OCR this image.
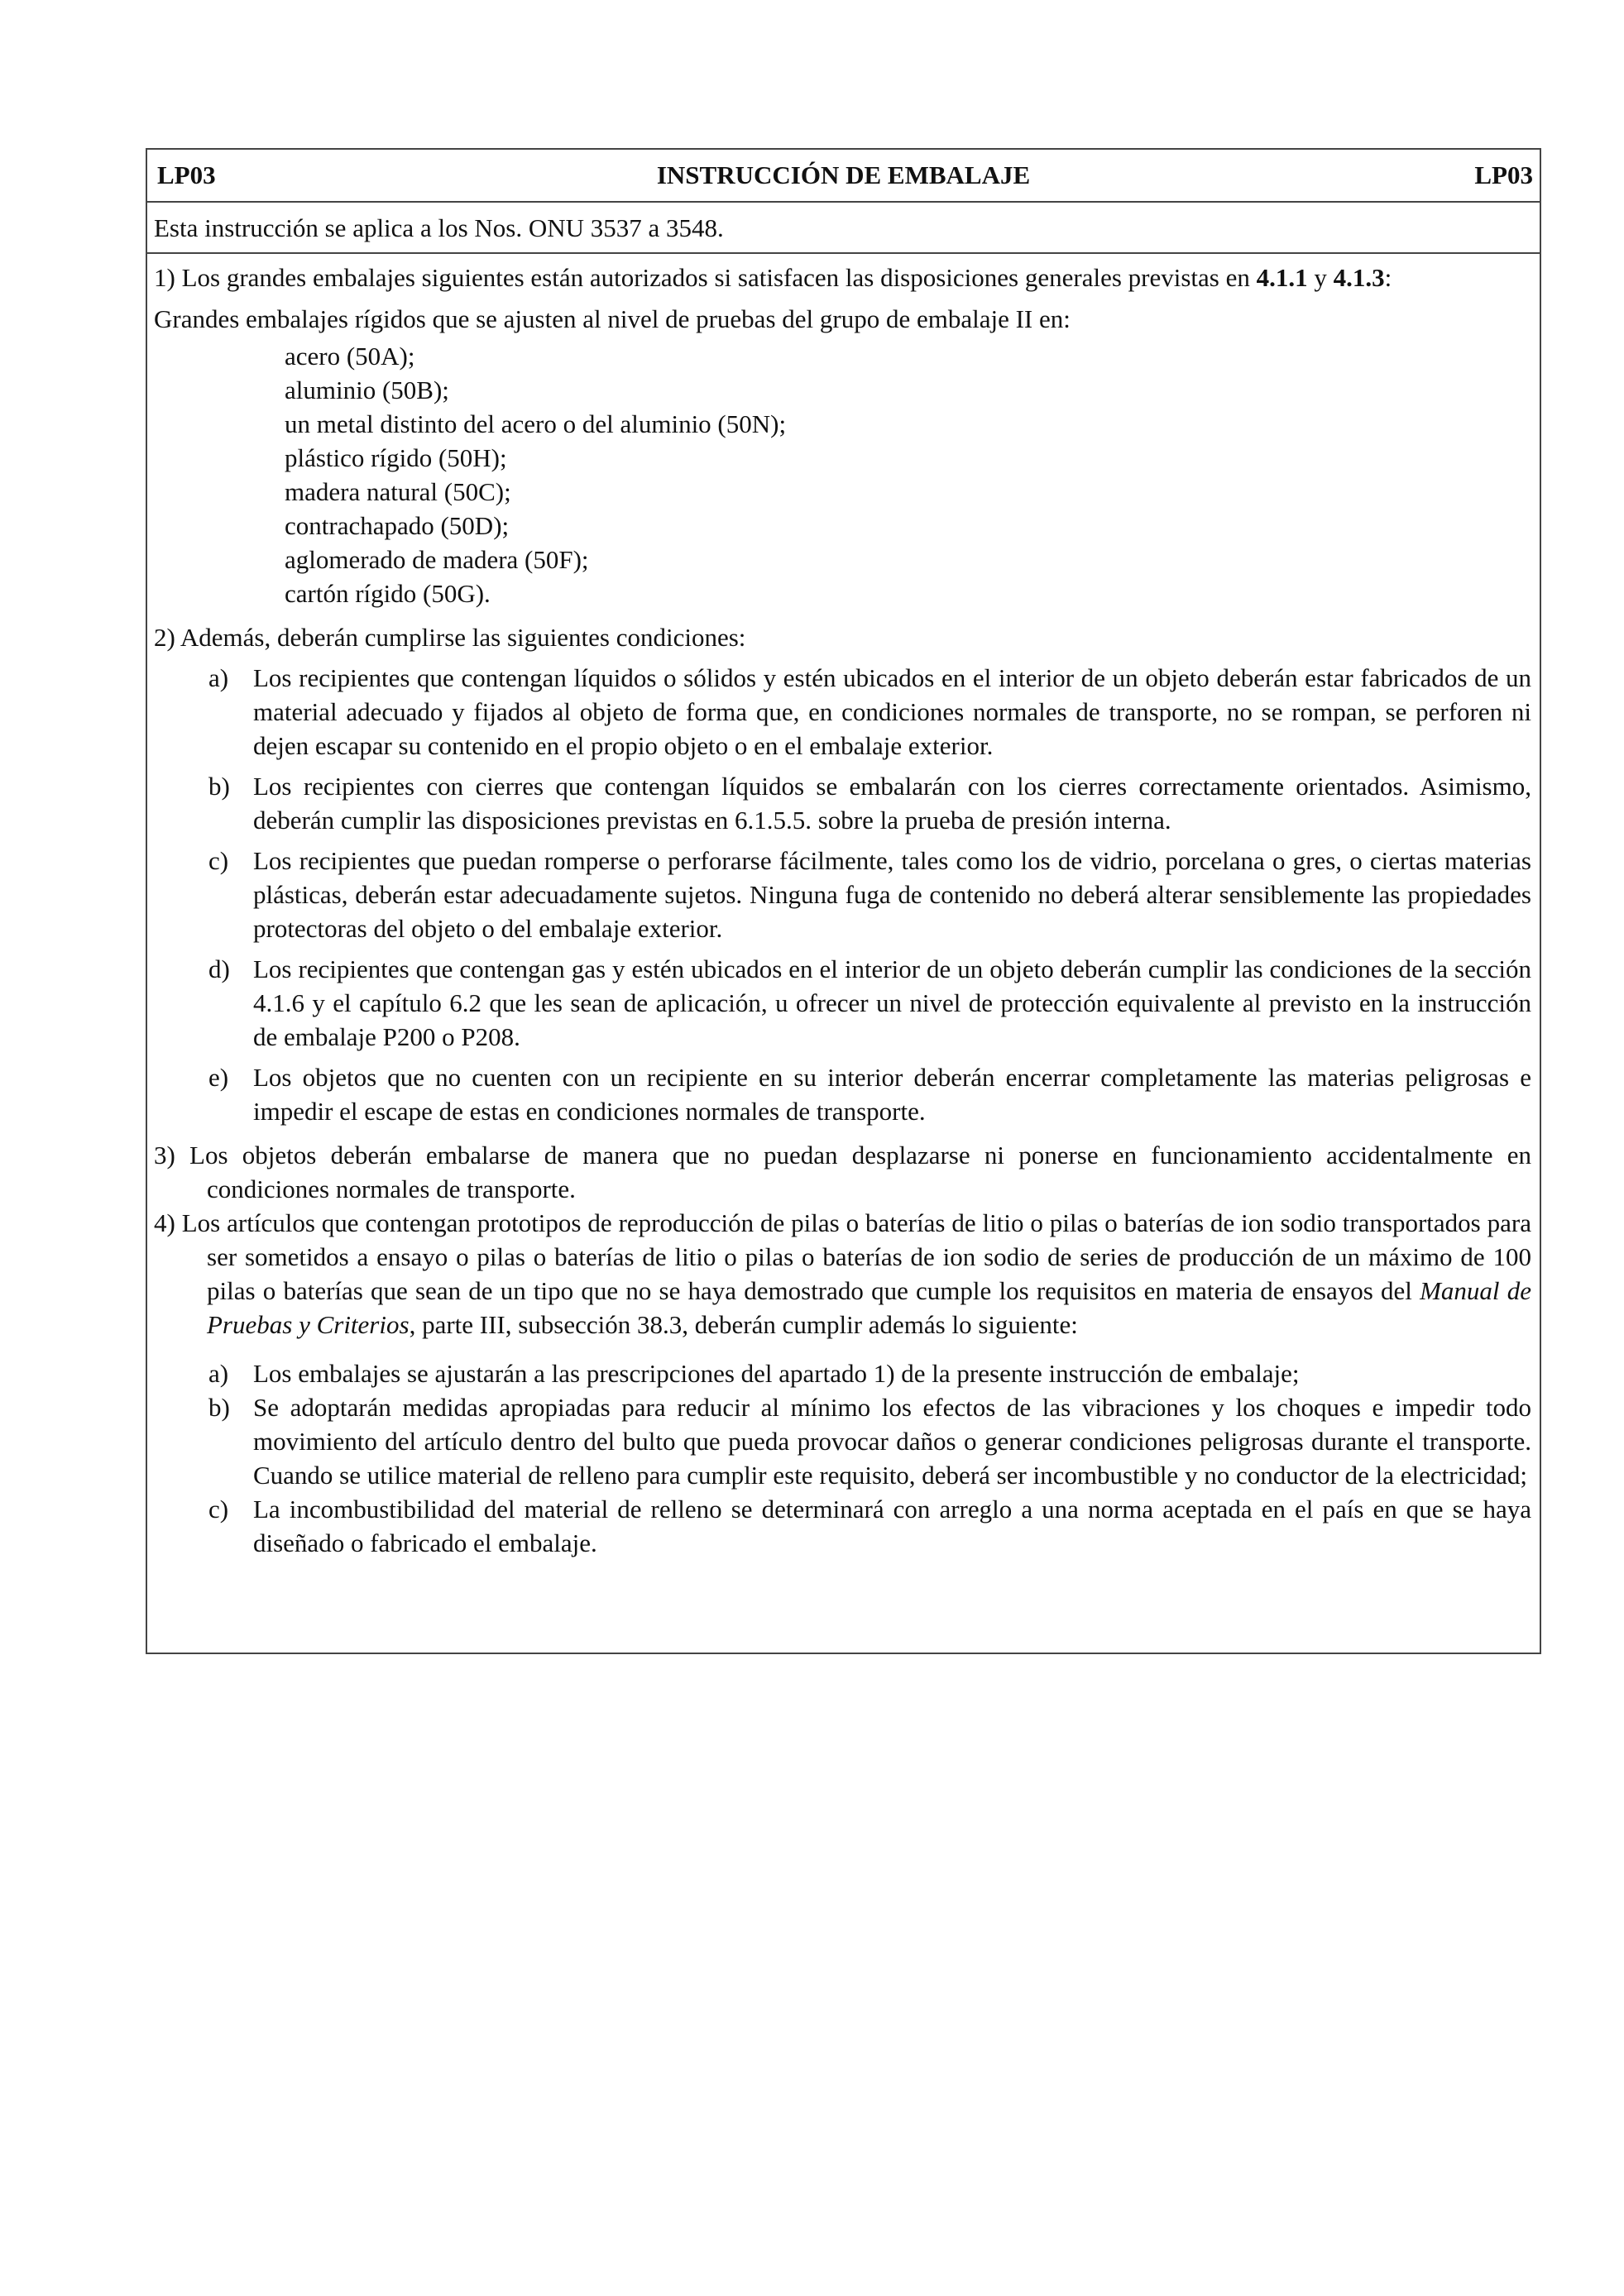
LP03	INSTRUCCIÓN DE EMBALAJE	LP03
Esta instrucción se aplica a los Nos. ONU 3537 a 3548.

1) Los grandes embalajes siguientes están autorizados si satisfacen las disposiciones generales previstas en 4.1.1 y 4.1.3:

Grandes embalajes rígidos que se ajusten al nivel de pruebas del grupo de embalaje II en:

acero (50A);
aluminio (50B);
un metal distinto del acero o del aluminio (50N);
plástico rígido (50H);
madera natural (50C);
contrachapado (50D);
aglomerado de madera (50F);
cartón rígido (50G).

2) Además, deberán cumplirse las siguientes condiciones:

a) Los recipientes que contengan líquidos o sólidos y estén ubicados en el interior de un objeto deberán estar fabricados de un material adecuado y fijados al objeto de forma que, en condiciones normales de transporte, no se rompan, se perforen ni dejen escapar su contenido en el propio objeto o en el embalaje exterior.
b) Los recipientes con cierres que contengan líquidos se embalarán con los cierres correctamente orientados. Asimismo, deberán cumplir las disposiciones previstas en 6.1.5.5. sobre la prueba de presión interna.
c) Los recipientes que puedan romperse o perforarse fácilmente, tales como los de vidrio, porcelana o gres, o ciertas materias plásticas, deberán estar adecuadamente sujetos. Ninguna fuga de contenido no deberá alterar sensiblemente las propiedades protectoras del objeto o del embalaje exterior.
d) Los recipientes que contengan gas y estén ubicados en el interior de un objeto deberán cumplir las condiciones de la sección 4.1.6 y el capítulo 6.2 que les sean de aplicación, u ofrecer un nivel de protección equivalente al previsto en la instrucción de embalaje P200 o P208.
e) Los objetos que no cuenten con un recipiente en su interior deberán encerrar completamente las materias peligrosas e impedir el escape de estas en condiciones normales de transporte.

3) Los objetos deberán embalarse de manera que no puedan desplazarse ni ponerse en funcionamiento accidentalmente en condiciones normales de transporte.

4) Los artículos que contengan prototipos de reproducción de pilas o baterías de litio o pilas o baterías de ion sodio transportados para ser sometidos a ensayo o pilas o baterías de litio o pilas o baterías de ion sodio de series de producción de un máximo de 100 pilas o baterías que sean de un tipo que no se haya demostrado que cumple los requisitos en materia de ensayos del Manual de Pruebas y Criterios, parte III, subsección 38.3, deberán cumplir además lo siguiente:

a) Los embalajes se ajustarán a las prescripciones del apartado 1) de la presente instrucción de embalaje;
b) Se adoptarán medidas apropiadas para reducir al mínimo los efectos de las vibraciones y los choques e impedir todo movimiento del artículo dentro del bulto que pueda provocar daños o generar condiciones peligrosas durante el transporte. Cuando se utilice material de relleno para cumplir este requisito, deberá ser incombustible y no conductor de la electricidad;
c) La incombustibilidad del material de relleno se determinará con arreglo a una norma aceptada en el país en que se haya diseñado o fabricado el embalaje.
